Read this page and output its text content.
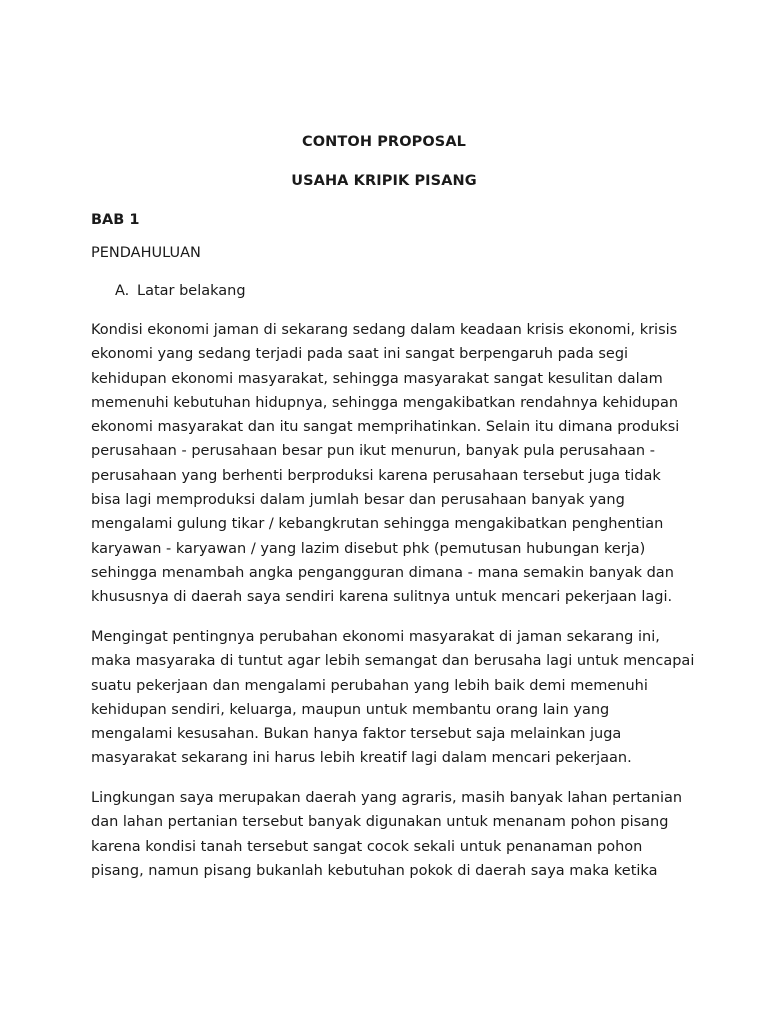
CONTOH PROPOSAL
USAHA KRIPIK PISANG
BAB 1
PENDAHULUAN
A. Latar belakang
Kondisi ekonomi jaman di sekarang sedang dalam keadaan krisis ekonomi, krisis
ekonomi yang sedang terjadi pada saat ini sangat berpengaruh pada segi
kehidupan ekonomi masyarakat, sehingga masyarakat sangat kesulitan dalam
memenuhi kebutuhan hidupnya, sehingga mengakibatkan rendahnya kehidupan
ekonomi masyarakat dan itu sangat memprihatinkan. Selain itu dimana produksi
perusahaan - perusahaan besar pun ikut menurun, banyak pula perusahaan -
perusahaan yang berhenti berproduksi karena perusahaan tersebut juga tidak
bisa lagi memproduksi dalam jumlah besar dan perusahaan banyak yang
mengalami gulung tikar / kebangkrutan sehingga mengakibatkan penghentian
karyawan - karyawan / yang lazim disebut phk (pemutusan hubungan kerja)
sehingga menambah angka pengangguran dimana - mana semakin banyak dan
khususnya di daerah saya sendiri karena sulitnya untuk mencari pekerjaan lagi.
Mengingat pentingnya perubahan ekonomi masyarakat di jaman sekarang ini,
maka masyaraka di tuntut agar lebih semangat dan berusaha lagi untuk mencapai
suatu pekerjaan dan mengalami perubahan yang lebih baik demi memenuhi
kehidupan sendiri, keluarga, maupun untuk membantu orang lain yang
mengalami kesusahan. Bukan hanya faktor tersebut saja melainkan juga
masyarakat sekarang ini harus lebih kreatif lagi dalam mencari pekerjaan.
Lingkungan saya merupakan daerah yang agraris, masih banyak lahan pertanian
dan lahan pertanian tersebut banyak digunakan untuk menanam pohon pisang
karena kondisi tanah tersebut sangat cocok sekali untuk penanaman pohon
pisang, namun pisang bukanlah kebutuhan pokok di daerah saya maka ketika
